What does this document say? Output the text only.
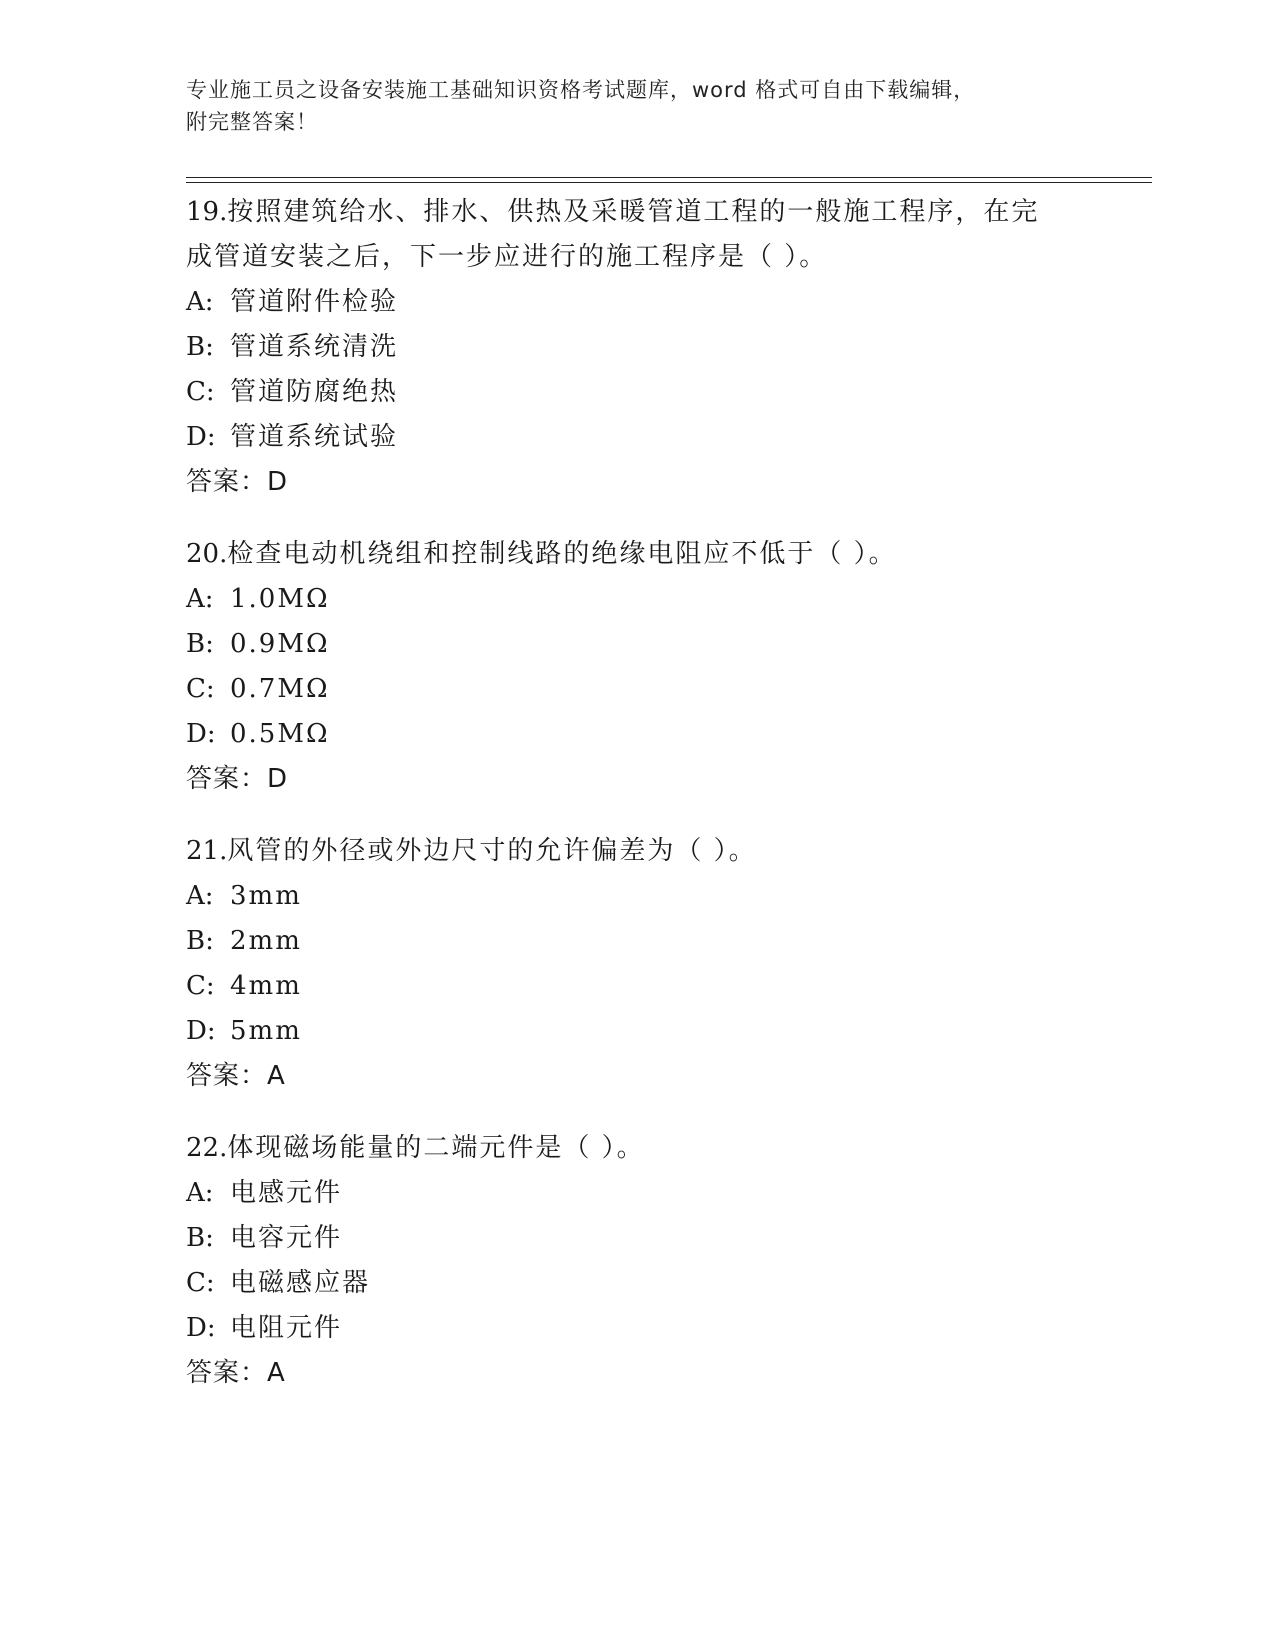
专业施工员之设备安装施工基础知识资格考试题库，word 格式可自由下载编辑，
附完整答案！

19.按照建筑给水、排水、供热及采暖管道工程的一般施工程序，在完

成管道安装之后，下一步应进行的施工程序是（ ）。

A: 管道附件检验

B: 管道系统清洗

C: 管道防腐绝热

D: 管道系统试验

答案：D

20.检查电动机绕组和控制线路的绝缘电阻应不低于（ ）。

A: 1.0MΩ

B: 0.9MΩ

C: 0.7MΩ

D: 0.5MΩ

答案：D

21.风管的外径或外边尺寸的允许偏差为（ ）。

A: 3mm

B: 2mm

C: 4mm

D: 5mm

答案：A

22.体现磁场能量的二端元件是（ ）。

A: 电感元件

B: 电容元件

C: 电磁感应器

D: 电阻元件

答案：A
